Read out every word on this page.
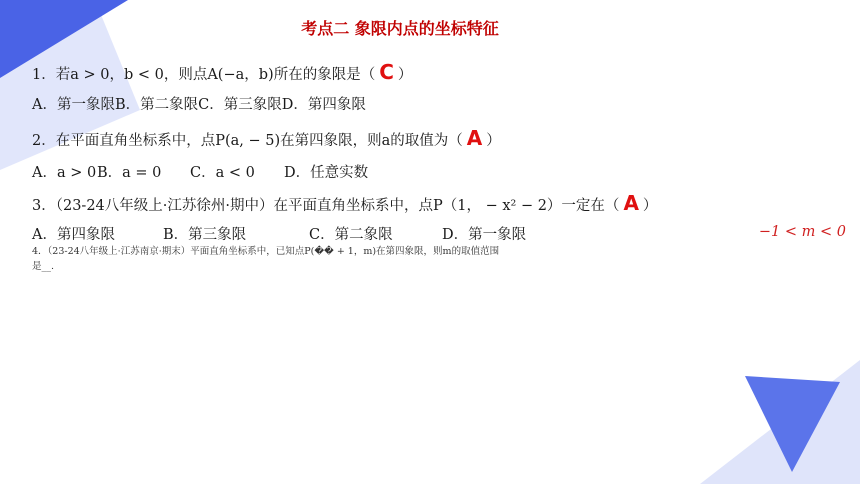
考点二 象限内点的坐标特征
1．若a > 0，b < 0，则点A(−a，b)所在的象限是（ C ）
A．第一象限B．第二象限C．第三象限D．第四象限
2．在平面直角坐标系中，点P(a, − 5)在第四象限，则a的取值为（ A ）
A．a > 0B．a = 0 C．a < 0 D．任意实数
3．（23-24八年级上·江苏徐州·期中）在平面直角坐标系中，点P（1， − x² − 2）一定在（ A ）
A．第四象限	B．第三象限	C．第二象限	D．第一象限	−1 < m < 0
4．（23-24八年级上·江苏南京·期末）平面直角坐标系中，已知点P(�� + 1，m)在第四象限，则m的取值范围
是__.
